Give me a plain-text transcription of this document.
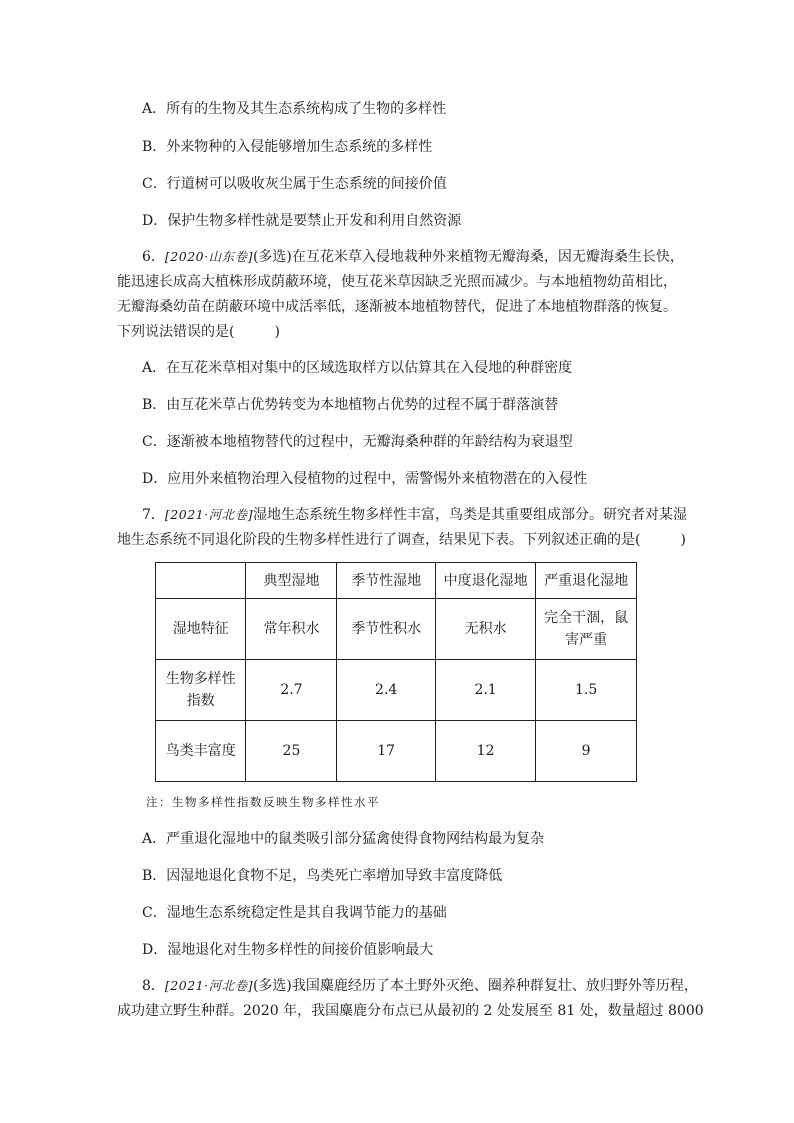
A．所有的生物及其生态系统构成了生物的多样性
B．外来物种的入侵能够增加生态系统的多样性
C．行道树可以吸收灰尘属于生态系统的间接价值
D．保护生物多样性就是要禁止开发和利用自然资源
6．[2020·山东卷](多选)在互花米草入侵地栽种外来植物无瓣海桑，因无瓣海桑生长快，
能迅速长成高大植株形成荫蔽环境，使互花米草因缺乏光照而减少。与本地植物幼苗相比，
无瓣海桑幼苗在荫蔽环境中成活率低，逐渐被本地植物替代，促进了本地植物群落的恢复。
下列说法错误的是(	)
A．在互花米草相对集中的区域选取样方以估算其在入侵地的种群密度
B．由互花米草占优势转变为本地植物占优势的过程不属于群落演替
C．逐渐被本地植物替代的过程中，无瓣海桑种群的年龄结构为衰退型
D．应用外来植物治理入侵植物的过程中，需警惕外来植物潜在的入侵性
7．[2021·河北卷]湿地生态系统生物多样性丰富，鸟类是其重要组成部分。研究者对某湿
地生态系统不同退化阶段的生物多样性进行了调查，结果见下表。下列叙述正确的是(	)
	典型湿地	季节性湿地	中度退化湿地	严重退化湿地
湿地特征	常年积水	季节性积水	无积水	完全干涸，鼠害严重
生物多样性指数	2.7	2.4	2.1	1.5
鸟类丰富度	25	17	12	9
注：生物多样性指数反映生物多样性水平
A．严重退化湿地中的鼠类吸引部分猛禽使得食物网结构最为复杂
B．因湿地退化食物不足，鸟类死亡率增加导致丰富度降低
C．湿地生态系统稳定性是其自我调节能力的基础
D．湿地退化对生物多样性的间接价值影响最大
8．[2021·河北卷](多选)我国麋鹿经历了本土野外灭绝、圈养种群复壮、放归野外等历程，
成功建立野生种群。2020 年，我国麋鹿分布点已从最初的 2 处发展至 81 处，数量超过 8000
